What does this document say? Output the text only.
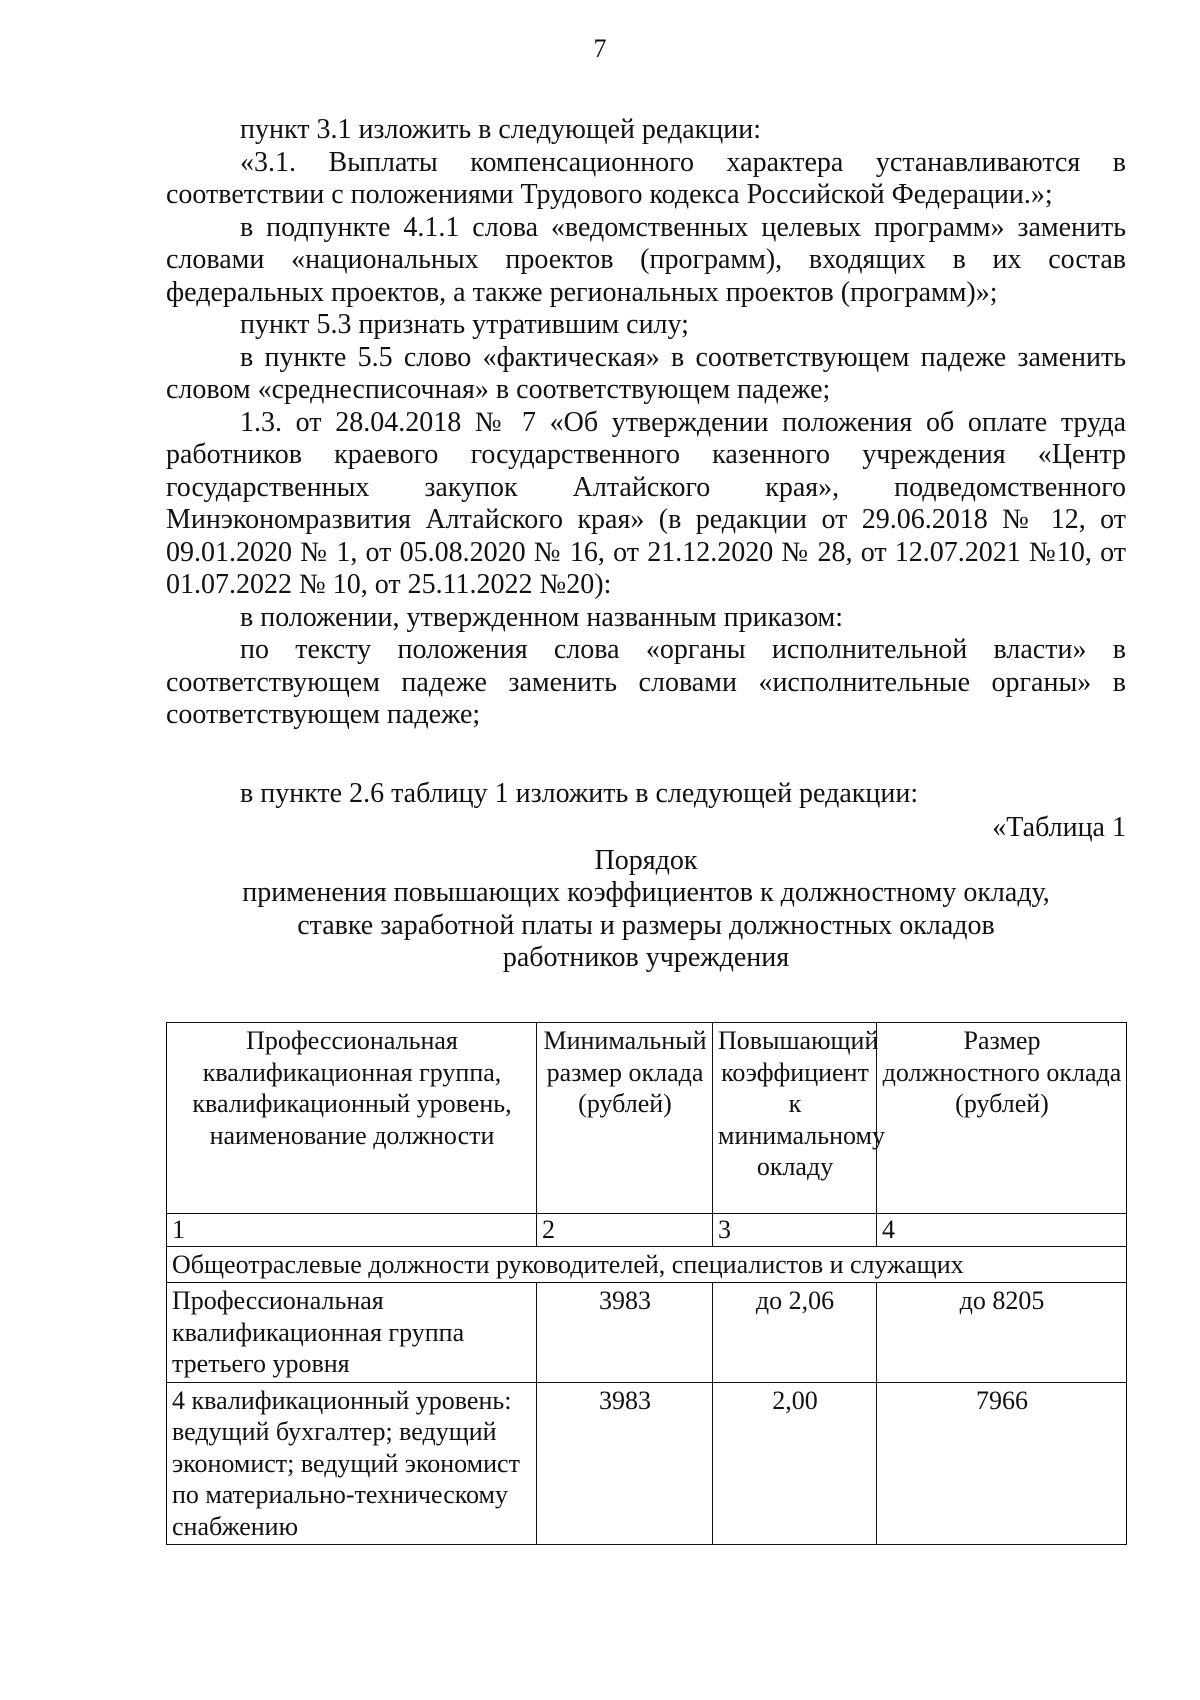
7

пункт 3.1 изложить в следующей редакции:

«3.1. Выплаты компенсационного характера устанавливаются в соответствии с положениями Трудового кодекса Российской Федерации.»;

в подпункте 4.1.1 слова «ведомственных целевых программ» заменить словами «национальных проектов (программ), входящих в их состав федеральных проектов, а также региональных проектов (программ)»;

пункт 5.3 признать утратившим силу;

в пункте 5.5 слово «фактическая» в соответствующем падеже заменить словом «среднесписочная» в соответствующем падеже;

1.3. от 28.04.2018 № 7 «Об утверждении положения об оплате труда работников краевого государственного казенного учреждения «Центр государственных закупок Алтайского края», подведомственного Минэкономразвития Алтайского края» (в редакции от 29.06.2018 № 12, от 09.01.2020 № 1, от 05.08.2020 № 16, от 21.12.2020 № 28, от 12.07.2021 №10, от 01.07.2022 № 10, от 25.11.2022 №20):

в положении, утвержденном названным приказом:

по тексту положения слова «органы исполнительной власти» в соответствующем падеже заменить словами «исполнительные органы» в соответствующем падеже;

в пункте 2.6 таблицу 1 изложить в следующей редакции:

«Таблица 1
Порядок
применения повышающих коэффициентов к должностному окладу,
ставке заработной платы и размеры должностных окладов
работников учреждения
Профессиональная квалификационная группа, квалификационный уровень, наименование должности	Минимальный размер оклада (рублей)	Повышающий коэффициент к минимальному окладу	Размер должностного оклада (рублей)
1	2	3	4
Общеотраслевые должности руководителей, специалистов и служащих			
Профессиональная квалификационная группа третьего уровня	3983	до 2,06	до 8205
4 квалификационный уровень: ведущий бухгалтер; ведущий экономист; ведущий экономист по материально-техническому снабжению	3983	2,00	7966
